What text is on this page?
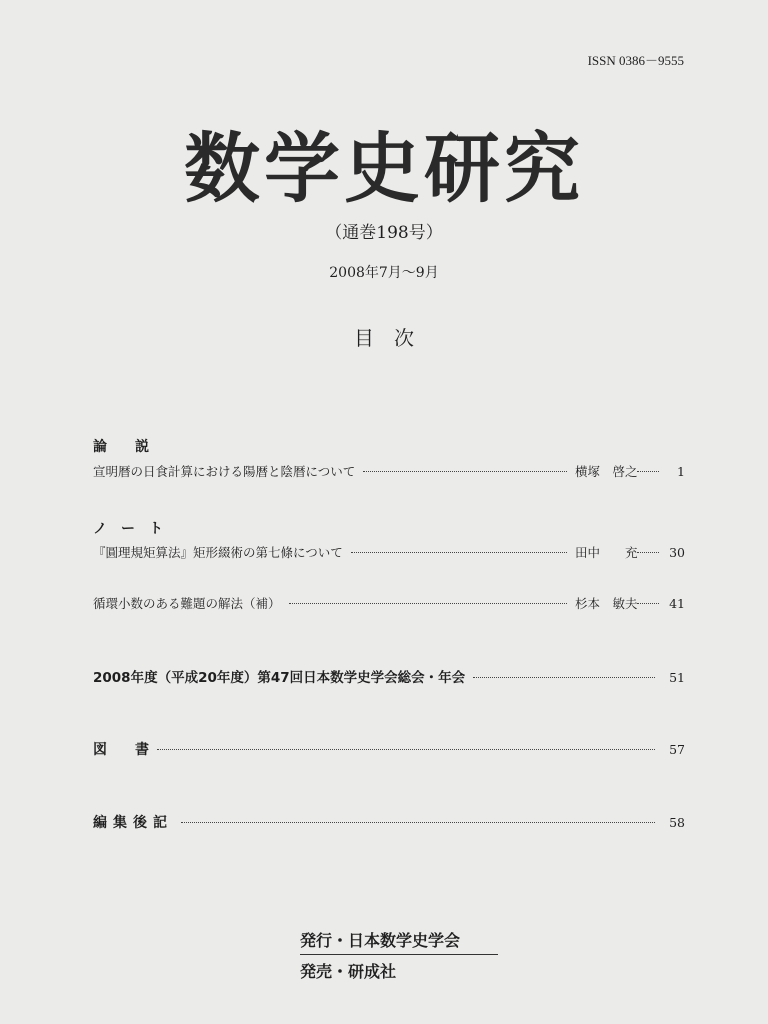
ISSN 0386－9555
数学史研究
（通巻198号）
2008年7月～9月
目　次
論　　説
宣明暦の日食計算における陽暦と陰暦について	横塚　啓之	1
ノ　ー　ト
『圓理規矩算法』矩形綴術の第七條について	田中　　充	30
循環小数のある難題の解法（補）	杉本　敏夫	41
2008年度（平成20年度）第47回日本数学史学会総会・年会	51
図　　書	57
編集後記	58
発行・日本数学史学会
発売・研成社
